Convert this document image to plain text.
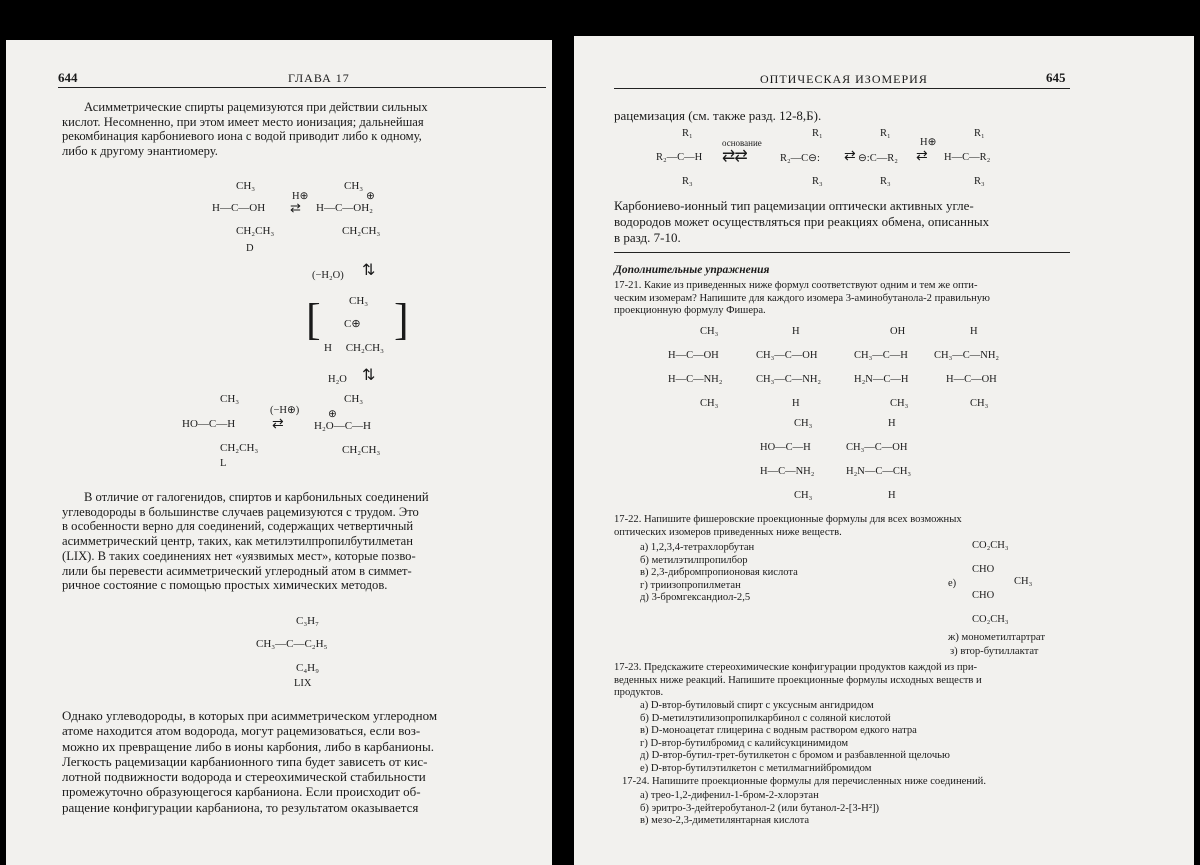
644	ГЛАВА 17
Асимметрические спирты рацемизуются при действии сильных
кислот. Несомненно, при этом имеет место ионизация; дальнейшая
рекомбинация карбониевого иона с водой приводит либо к одному,
либо к другому энантиомеру.
CH₃
H—C—OH
CH₂CH₃
D
H⊕
⇄
CH₃
⊕
H—C—OH₂
CH₂CH₃
(−H₂O) ⇅
CH₃
C⊕
H     CH₂CH₃
[ ]
H₂O ⇅
CH₃
HO—C—H
CH₂CH₃
L
(−H⊕)
⇄
CH₃
⊕
H₂O—C—H
CH₂CH₃
В отличие от галогенидов, спиртов и карбонильных соединений
углеводороды в большинстве случаев рацемизуются с трудом. Это
в особенности верно для соединений, содержащих четвертичный
асимметрический центр, таких, как метилэтилпропилбутилметан
(LIX). В таких соединениях нет «уязвимых мест», которые позво-
лили бы перевести асимметрический углеродный атом в симмет-
ричное состояние с помощью простых химических методов.
C₃H₇
CH₃—C—C₂H₅
C₄H₉
LIX
Однако углеводороды, в которых при асимметрическом углеродном
атоме находится атом водорода, могут рацемизоваться, если воз-
можно их превращение либо в ионы карбония, либо в карбанионы.
Легкость рацемизации карбанионного типа будет зависеть от кис-
лотной подвижности водорода и стереохимической стабильности
промежуточно образующегося карбаниона. Если происходит об-
ращение конфигурации карбаниона, то результатом оказывается
ОПТИЧЕСКАЯ ИЗОМЕРИЯ	645
рацемизация (см. также разд. 12-8,Б).
R₁
R₂—C—H
R₃
основание
⇄⇄
R₁
R₂—C⊖:
R₃
⇄
R₁
⊖:C—R₂
R₃
H⊕
⇄
R₁
H—C—R₂
R₃
Карбониево-ионный тип рацемизации оптически активных угле-
водородов может осуществляться при реакциях обмена, описанных
в разд. 7-10.
Дополнительные упражнения
17-21. Какие из приведенных ниже формул соответствуют одним и тем же опти-
ческим изомерам? Напишите для каждого изомера 3-аминобутанола-2 правильную
проекционную формулу Фишера.
CH₃
H—C—OH
H—C—NH₂
CH₃
H
CH₃—C—OH
CH₃—C—NH₂
H
OH
CH₃—C—H
H₂N—C—H
CH₃
H
CH₃—C—NH₂
H—C—OH
CH₃
CH₃
HO—C—H
H—C—NH₂
CH₃
H
CH₃—C—OH
H₂N—C—CH₃
H
17-22. Напишите фишеровские проекционные формулы для всех возможных
оптических изомеров приведенных ниже веществ.
а) 1,2,3,4-тетрахлорбутан
б) метилэтилпропилбор
в) 2,3-дибромпропионовая кислота
г) триизопропилметан
д) 3-бромгександиол-2,5
CO₂CH₃
CHO
е)	CH₃
CHO
CO₂CH₃
ж) монометилтартрат
з) втор-бутиллактат
17-23. Предскажите стереохимические конфигурации продуктов каждой из при-
веденных ниже реакций. Напишите проекционные формулы исходных веществ и
продуктов.
а) D-втор-бутиловый спирт с уксусным ангидридом
б) D-метилэтилизопропилкарбинол с соляной кислотой
в) D-монoацетат глицерина с водным раствором едкого натра
г) D-втор-бутилбромид с калийсукцинимидом
д) D-втор-бутил-трет-бутилкетон с бромом и разбавленной щелочью
е) D-втор-бутилэтилкетон с метилмагнийбромидом
17-24. Напишите проекционные формулы для перечисленных ниже соединений.
а) трео-1,2-дифенил-1-бром-2-хлорэтан
б) эритро-3-дейтеробутанол-2 (или бутанол-2-[3-H²])
в) мезо-2,3-диметилянтарная кислота
